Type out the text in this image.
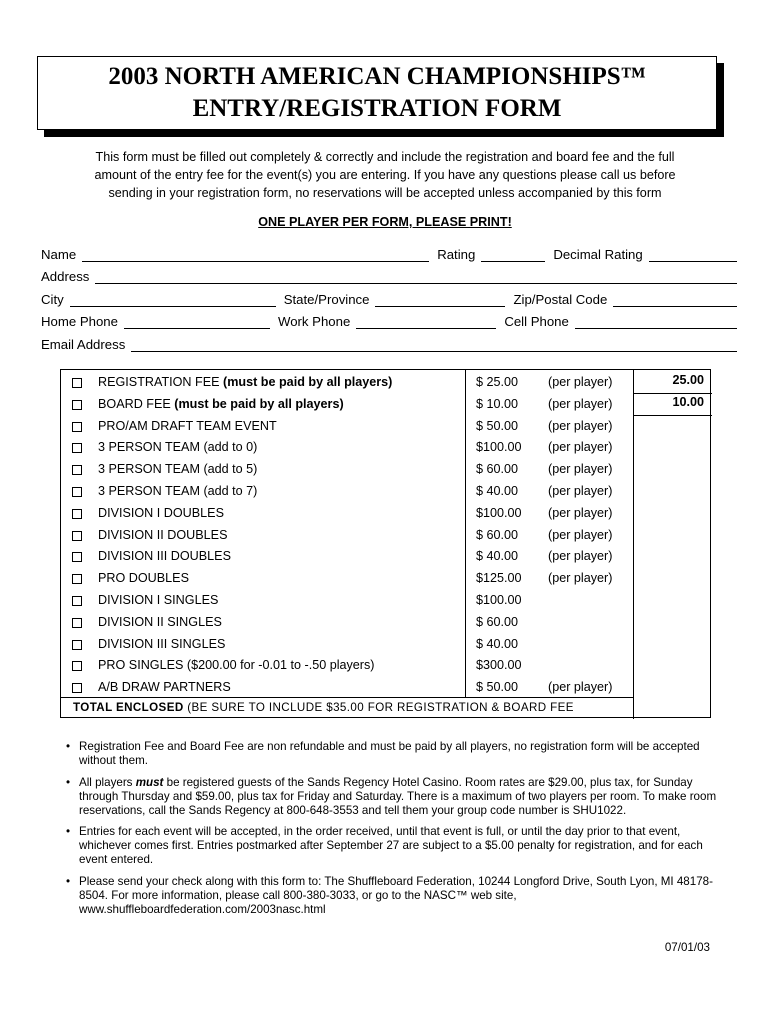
2003 NORTH AMERICAN CHAMPIONSHIPS™
ENTRY/REGISTRATION FORM
This form must be filled out completely & correctly and include the registration and board fee and the full
amount of the entry fee for the event(s) you are entering. If you have any questions please call us before
sending in your registration form, no reservations will be accepted unless accompanied by this form
ONE PLAYER PER FORM, PLEASE PRINT!
Name	Rating	Decimal Rating
Address
City	State/Province	Zip/Postal Code
Home Phone	Work Phone	Cell Phone
Email Address
REGISTRATION FEE (must be paid by all players)	$ 25.00 (per player)	25.00
BOARD FEE (must be paid by all players)	$ 10.00 (per player)	10.00
PRO/AM DRAFT TEAM EVENT	$ 50.00 (per player)
3 PERSON TEAM (add to 0)	$100.00 (per player)
3 PERSON TEAM (add to 5)	$ 60.00 (per player)
3 PERSON TEAM (add to 7)	$ 40.00 (per player)
DIVISION I DOUBLES	$100.00 (per player)
DIVISION II DOUBLES	$ 60.00 (per player)
DIVISION III DOUBLES	$ 40.00 (per player)
PRO DOUBLES	$125.00 (per player)
DIVISION I SINGLES	$100.00
DIVISION II SINGLES	$ 60.00
DIVISION III SINGLES	$ 40.00
PRO SINGLES ($200.00 for -0.01 to -.50 players)	$300.00
A/B DRAW PARTNERS	$ 50.00 (per player)
TOTAL ENCLOSED (BE SURE TO INCLUDE $35.00 FOR REGISTRATION & BOARD FEE
• Registration Fee and Board Fee are non refundable and must be paid by all players, no registration form will be accepted without them.
• All players must be registered guests of the Sands Regency Hotel Casino. Room rates are $29.00, plus tax, for Sunday through Thursday and $59.00, plus tax for Friday and Saturday. There is a maximum of two players per room. To make room reservations, call the Sands Regency at 800-648-3553 and tell them your group code number is SHU1022.
• Entries for each event will be accepted, in the order received, until that event is full, or until the day prior to that event, whichever comes first. Entries postmarked after September 27 are subject to a $5.00 penalty for registration, and for each event entered.
• Please send your check along with this form to: The Shuffleboard Federation, 10244 Longford Drive, South Lyon, MI 48178-8504. For more information, please call 800-380-3033, or go to the NASC™ web site, www.shuffleboardfederation.com/2003nasc.html
07/01/03
